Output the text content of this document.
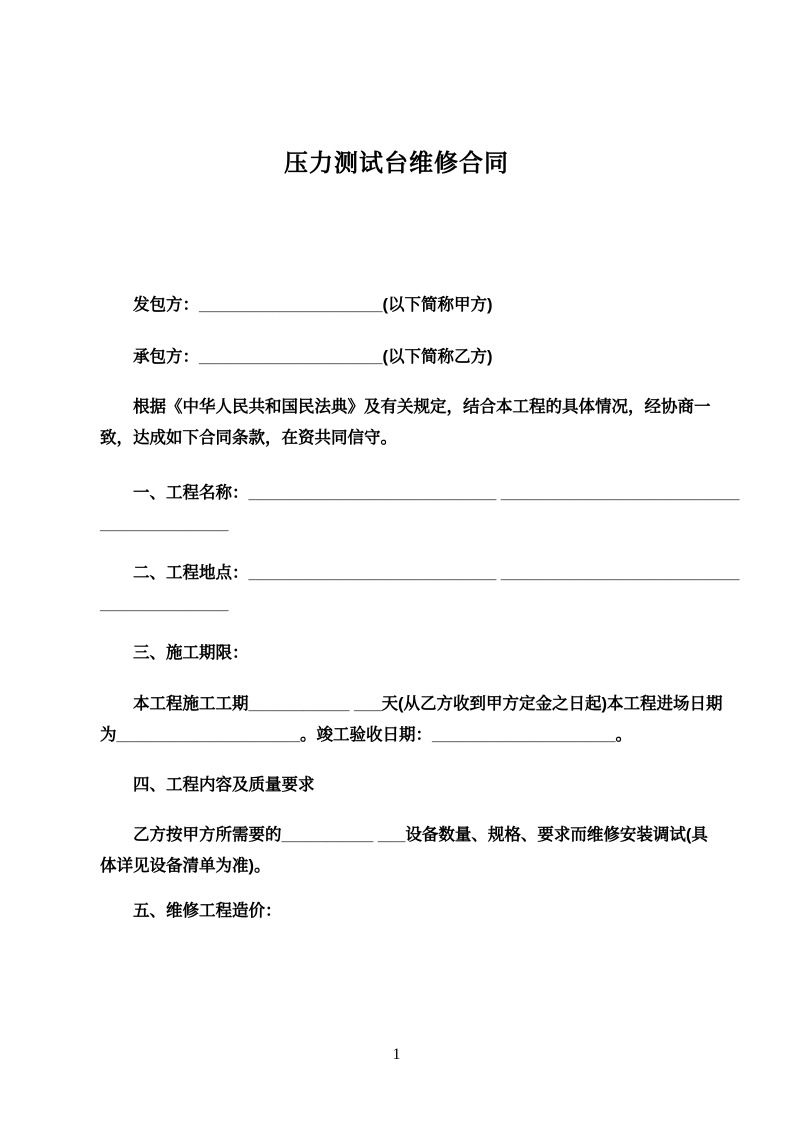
压力测试台维修合同
发包方：____________________(以下简称甲方)
承包方：____________________(以下简称乙方)
根据《中华人民共和国民法典》及有关规定，结合本工程的具体情况，经协商一
致，达成如下合同条款，在资共同信守。
一、工程名称：___________________________ __________________________
______________
二、工程地点：___________________________ __________________________
______________
三、施工期限：
本工程施工工期___________ ___天(从乙方收到甲方定金之日起)本工程进场日期
为____________________。竣工验收日期：____________________。
四、工程内容及质量要求
乙方按甲方所需要的__________ ___设备数量、规格、要求而维修安装调试(具
体详见设备清单为准)。
五、维修工程造价：
1
